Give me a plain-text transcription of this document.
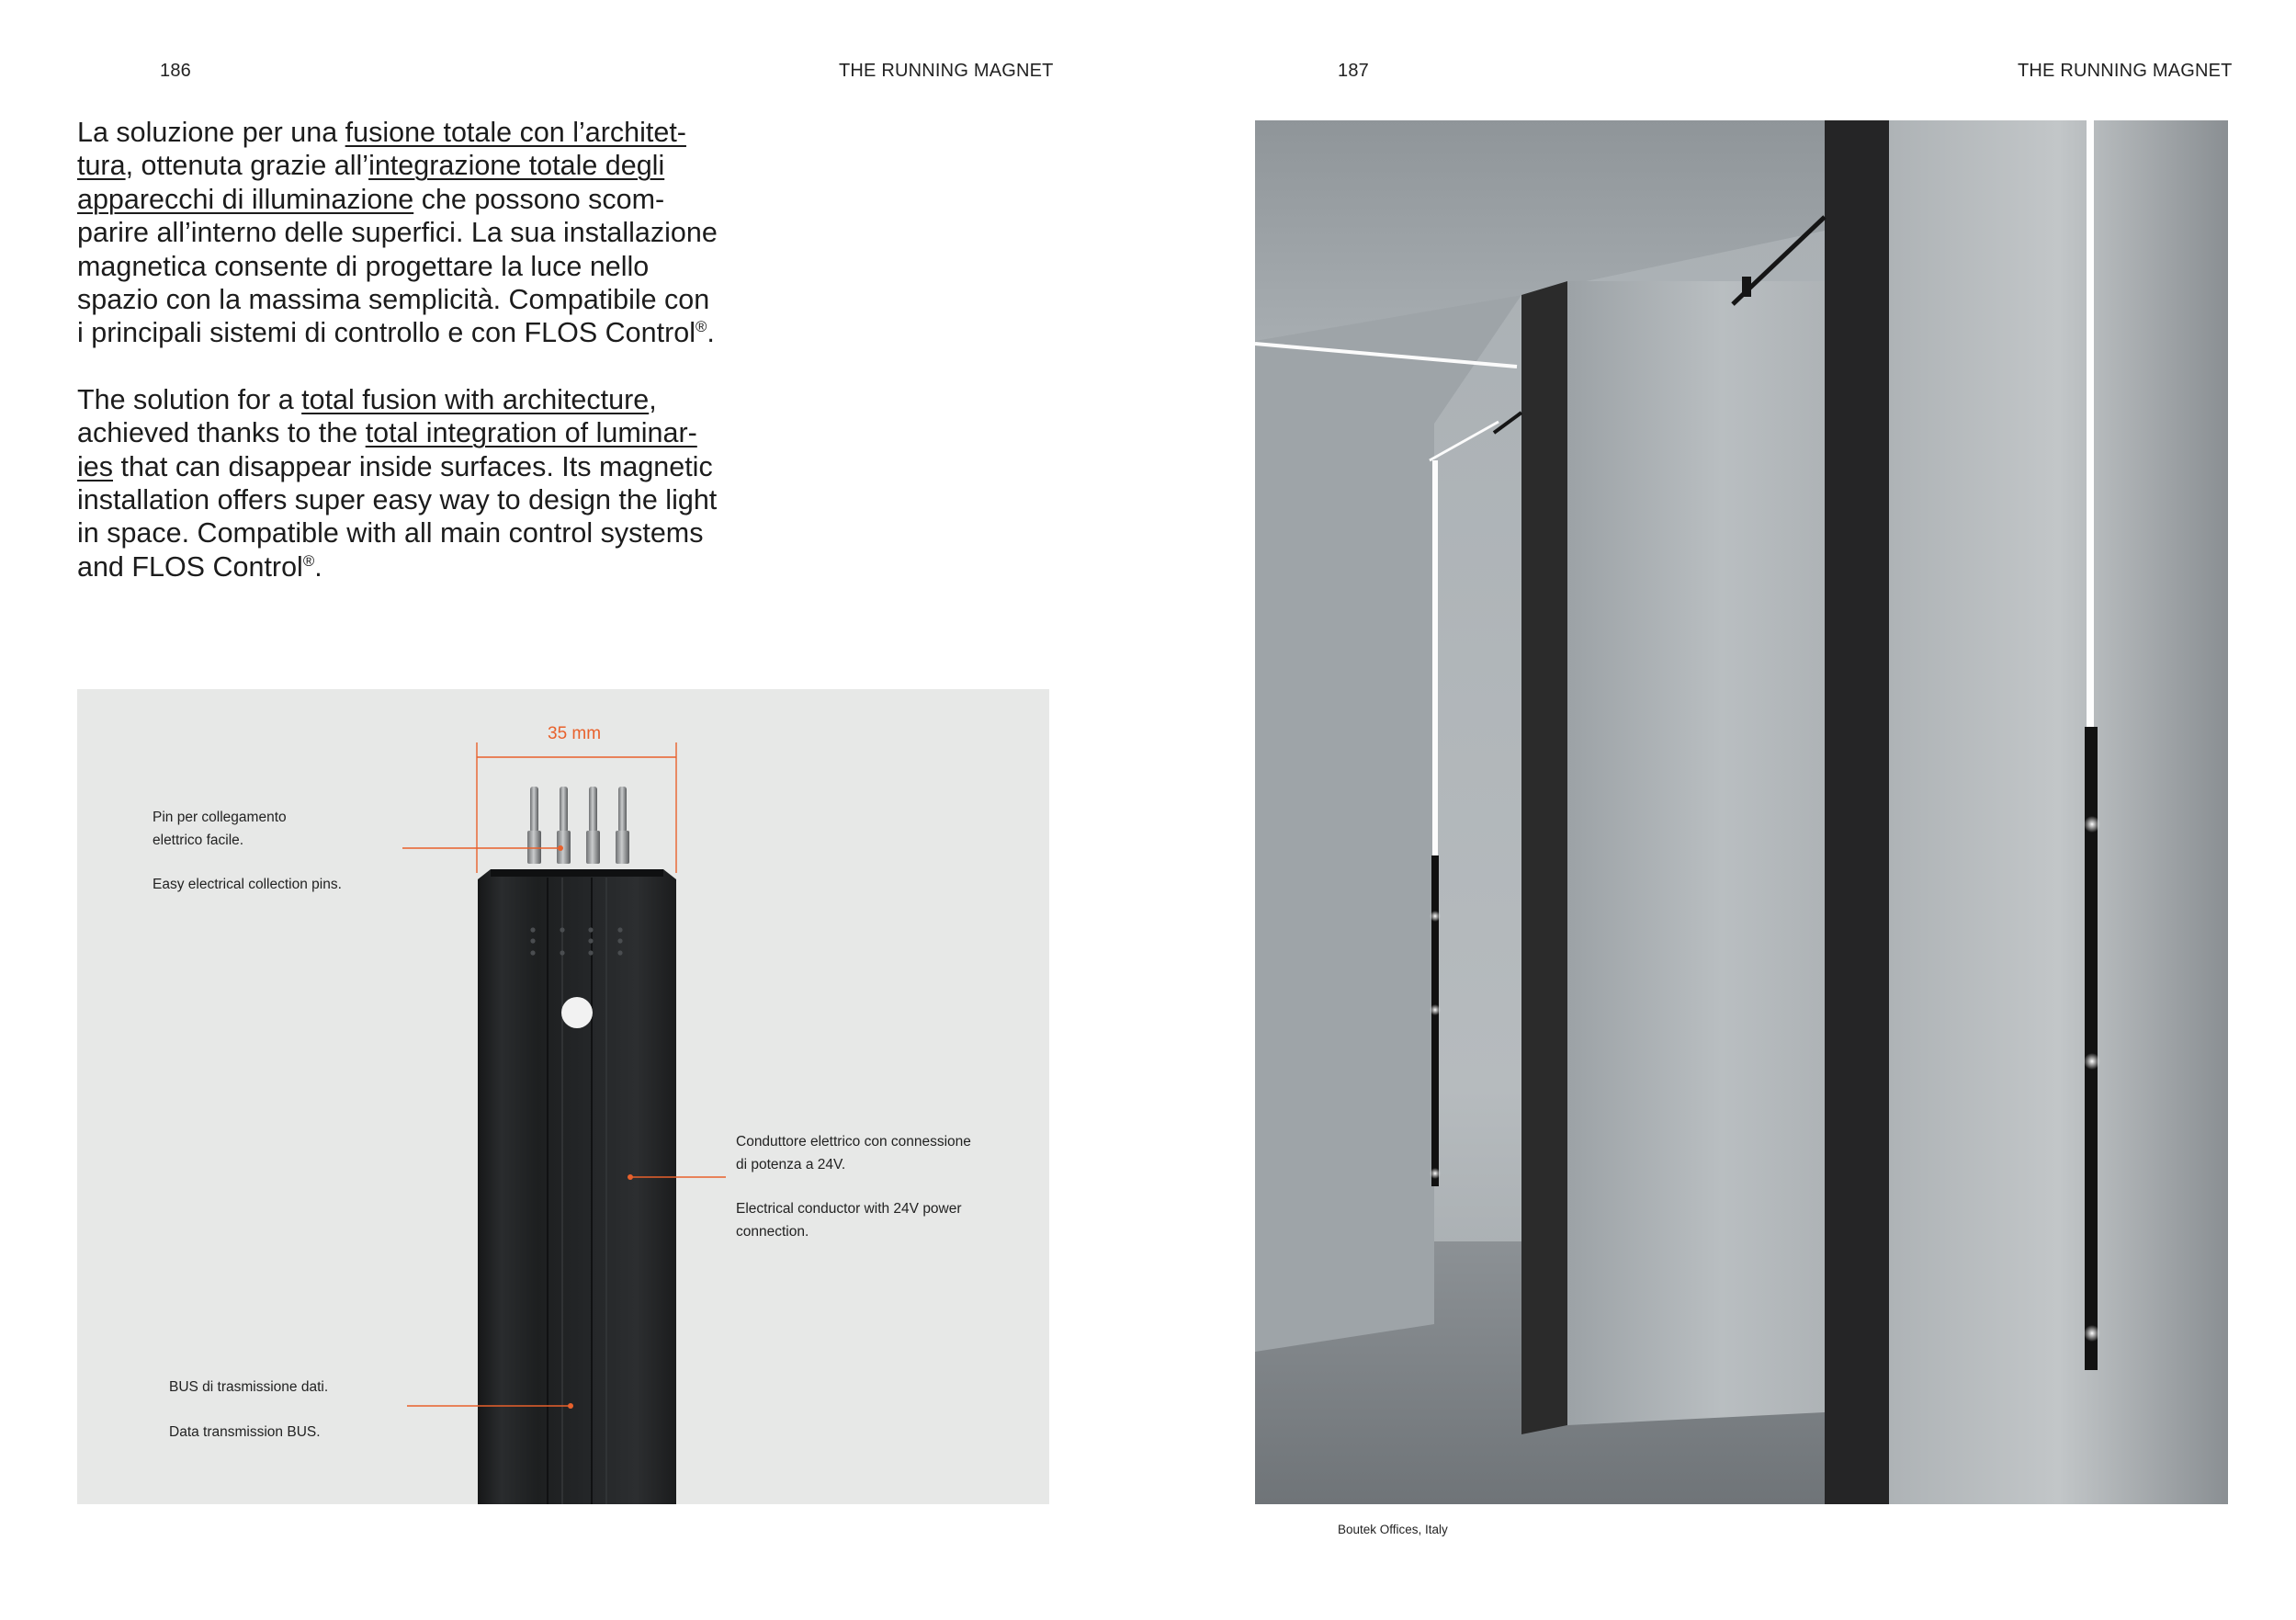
186	THE RUNNING MAGNET

La soluzione per una fusione totale con l’architet-
tura, ottenuta grazie all’integrazione totale degli
apparecchi di illuminazione che possono scom-
parire all’interno delle superfici. La sua installazione
magnetica consente di progettare la luce nello
spazio con la massima semplicità. Compatibile con
i principali sistemi di controllo e con FLOS Control®.

The solution for a total fusion with architecture,
achieved thanks to the total integration of luminar-
ies that can disappear inside surfaces. Its magnetic
installation offers super easy way to design the light
in space. Compatible with all main control systems
and FLOS Control®.

35 mm

Pin per collegamento
elettrico facile.

Easy electrical collection pins.

Conduttore elettrico con connessione
di potenza a 24V.

Electrical conductor with 24V power
connection.

BUS di trasmissione dati.

Data transmission BUS.

187	THE RUNNING MAGNET
Boutek Offices, Italy
